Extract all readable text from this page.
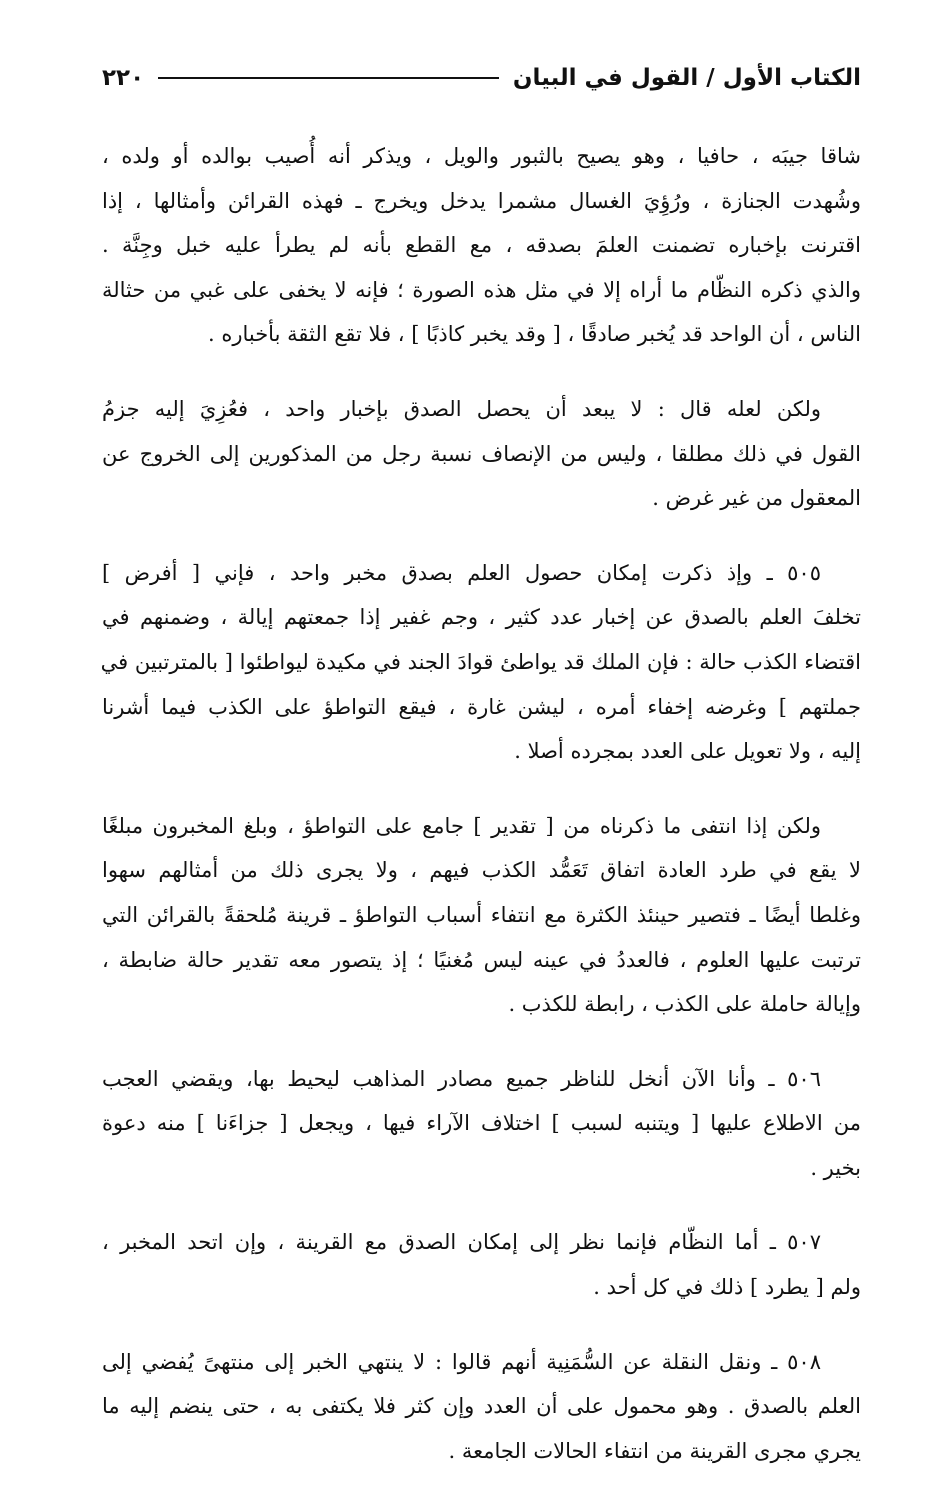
الكتاب الأول / القول في البيان
٢٢٠

شاقا جيبَه ، حافيا ، وهو يصيح بالثبور والويل ، ويذكر أنه أُصيب بوالده أو ولده ،
وشُهدت الجنازة ، ورُؤِيَ الغسال مشمرا يدخل ويخرج ـ فهذه القرائن وأمثالها ، إذا
اقترنت بإخباره تضمنت العلمَ بصدقه ، مع القطع بأنه لم يطرأ عليه خبل وجِنَّة .
والذي ذكره النظّام ما أراه إلا في مثل هذه الصورة ؛ فإنه لا يخفى على غبي من حثالة
الناس ، أن الواحد قد يُخبر صادقًا ، [ وقد يخبر كاذبًا ] ، فلا تقع الثقة بأخباره .

ولكن لعله قال : لا يبعد أن يحصل الصدق بإخبار واحد ، فعُزِيَ إليه جزمُ
القول في ذلك مطلقا ، وليس من الإنصاف نسبة رجل من المذكورين إلى الخروج عن
المعقول من غير غرض .

٥٠٥ ـ وإذ ذكرت إمكان حصول العلم بصدق مخبر واحد ، فإني [ أفرض ]
تخلفَ العلم بالصدق عن إخبار عدد كثير ، وجم غفير إذا جمعتهم إيالة ، وضمنهم في
اقتضاء الكذب حالة : فإن الملك قد يواطئ قوادَ الجند في مكيدة ليواطئوا [ بالمترتبين في
جملتهم ] وغرضه إخفاء أمره ، ليشن غارة ، فيقع التواطؤ على الكذب فيما أشرنا
إليه ، ولا تعويل على العدد بمجرده أصلا .

ولكن إذا انتفى ما ذكرناه من [ تقدير ] جامع على التواطؤ ، وبلغ المخبرون مبلغًا
لا يقع في طرد العادة اتفاق تَعَمُّد الكذب فيهم ، ولا يجرى ذلك من أمثالهم سهوا
وغلطا أيضًا ـ فتصير حينئذ الكثرة مع انتفاء أسباب التواطؤ ـ قرينة مُلحقةً بالقرائن التي
ترتبت عليها العلوم ، فالعددُ في عينه ليس مُغنيًا ؛ إذ يتصور معه تقدير حالة ضابطة ،
وإيالة حاملة على الكذب ، رابطة للكذب .

٥٠٦ ـ وأنا الآن أنخل للناظر جميع مصادر المذاهب ليحيط بها، ويقضي العجب
من الاطلاع عليها [ ويتنبه لسبب ] اختلاف الآراء فيها ، ويجعل [ جزاءَنا ] منه دعوة
بخير .

٥٠٧ ـ أما النظّام فإنما نظر إلى إمكان الصدق مع القرينة ، وإن اتحد المخبر ،
ولم [ يطرد ] ذلك في كل أحد .

٥٠٨ ـ ونقل النقلة عن السُّمَنِية أنهم قالوا : لا ينتهي الخبر إلى منتهىً يُفضي إلى
العلم بالصدق . وهو محمول على أن العدد وإن كثر فلا يكتفى به ، حتى ينضم إليه ما
يجري مجرى القرينة من انتفاء الحالات الجامعة .
